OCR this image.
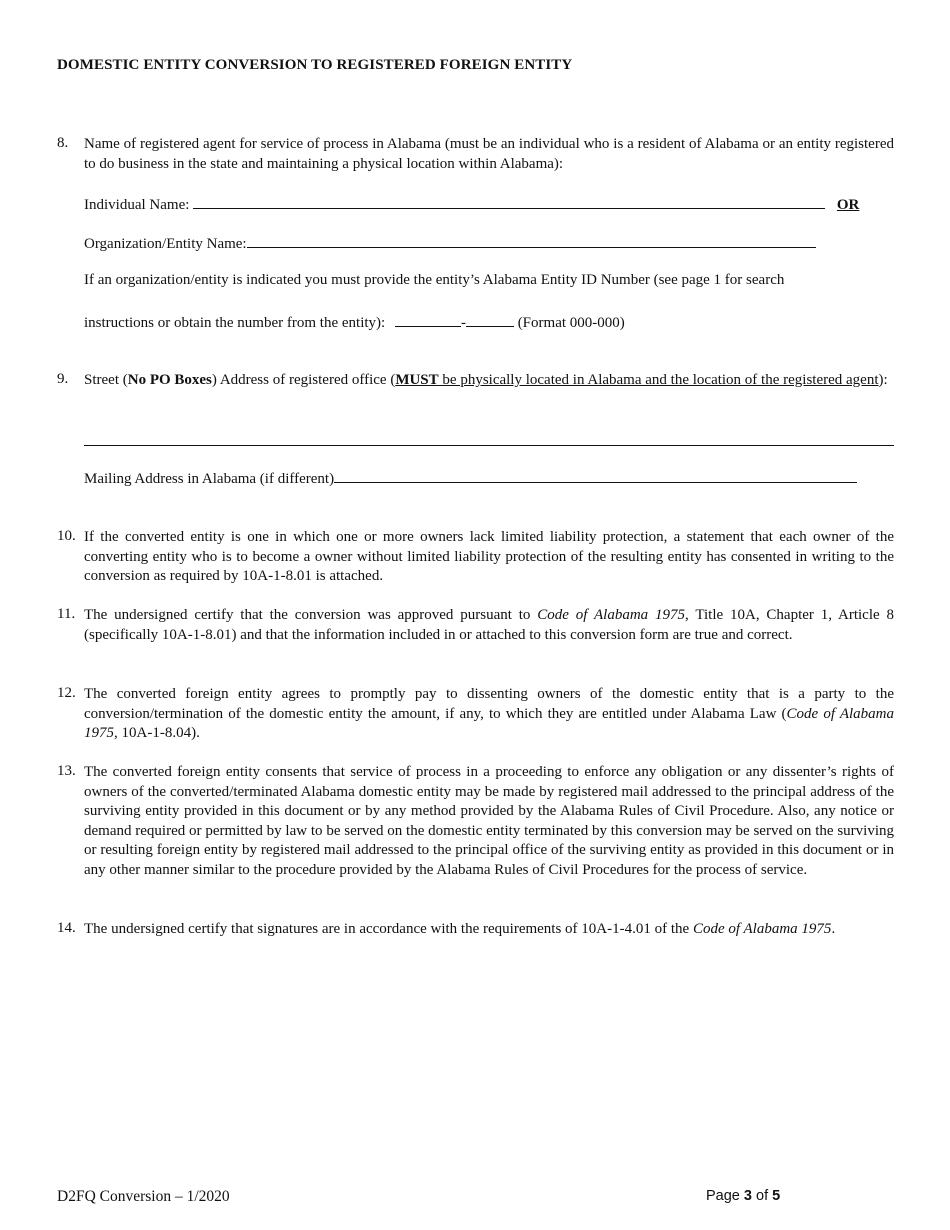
DOMESTIC ENTITY CONVERSION TO REGISTERED FOREIGN ENTITY
8. Name of registered agent for service of process in Alabama (must be an individual who is a resident of Alabama or an entity registered to do business in the state and maintaining a physical location within Alabama):
Individual Name:	OR
Organization/Entity Name:
If an organization/entity is indicated you must provide the entity’s Alabama Entity ID Number (see page 1 for search
instructions or obtain the number from the entity):	-	(Format 000-000)
9. Street (No PO Boxes) Address of registered office (MUST be physically located in Alabama and the location of the registered agent):
Mailing Address in Alabama (if different)
10. If the converted entity is one in which one or more owners lack limited liability protection, a statement that each owner of the converting entity who is to become a owner without limited liability protection of the resulting entity has consented in writing to the conversion as required by 10A-1-8.01 is attached.
11. The undersigned certify that the conversion was approved pursuant to Code of Alabama 1975, Title 10A, Chapter 1, Article 8 (specifically 10A-1-8.01) and that the information included in or attached to this conversion form are true and correct.
12. The converted foreign entity agrees to promptly pay to dissenting owners of the domestic entity that is a party to the conversion/termination of the domestic entity the amount, if any, to which they are entitled under Alabama Law (Code of Alabama 1975, 10A-1-8.04).
13. The converted foreign entity consents that service of process in a proceeding to enforce any obligation or any dissenter’s rights of owners of the converted/terminated Alabama domestic entity may be made by registered mail addressed to the principal address of the surviving entity provided in this document or by any method provided by the Alabama Rules of Civil Procedure. Also, any notice or demand required or permitted by law to be served on the domestic entity terminated by this conversion may be served on the surviving or resulting foreign entity by registered mail addressed to the principal office of the surviving entity as provided in this document or in any other manner similar to the procedure provided by the Alabama Rules of Civil Procedures for the process of service.
14. The undersigned certify that signatures are in accordance with the requirements of 10A-1-4.01 of the Code of Alabama 1975.
D2FQ Conversion – 1/2020	Page 3 of 5
